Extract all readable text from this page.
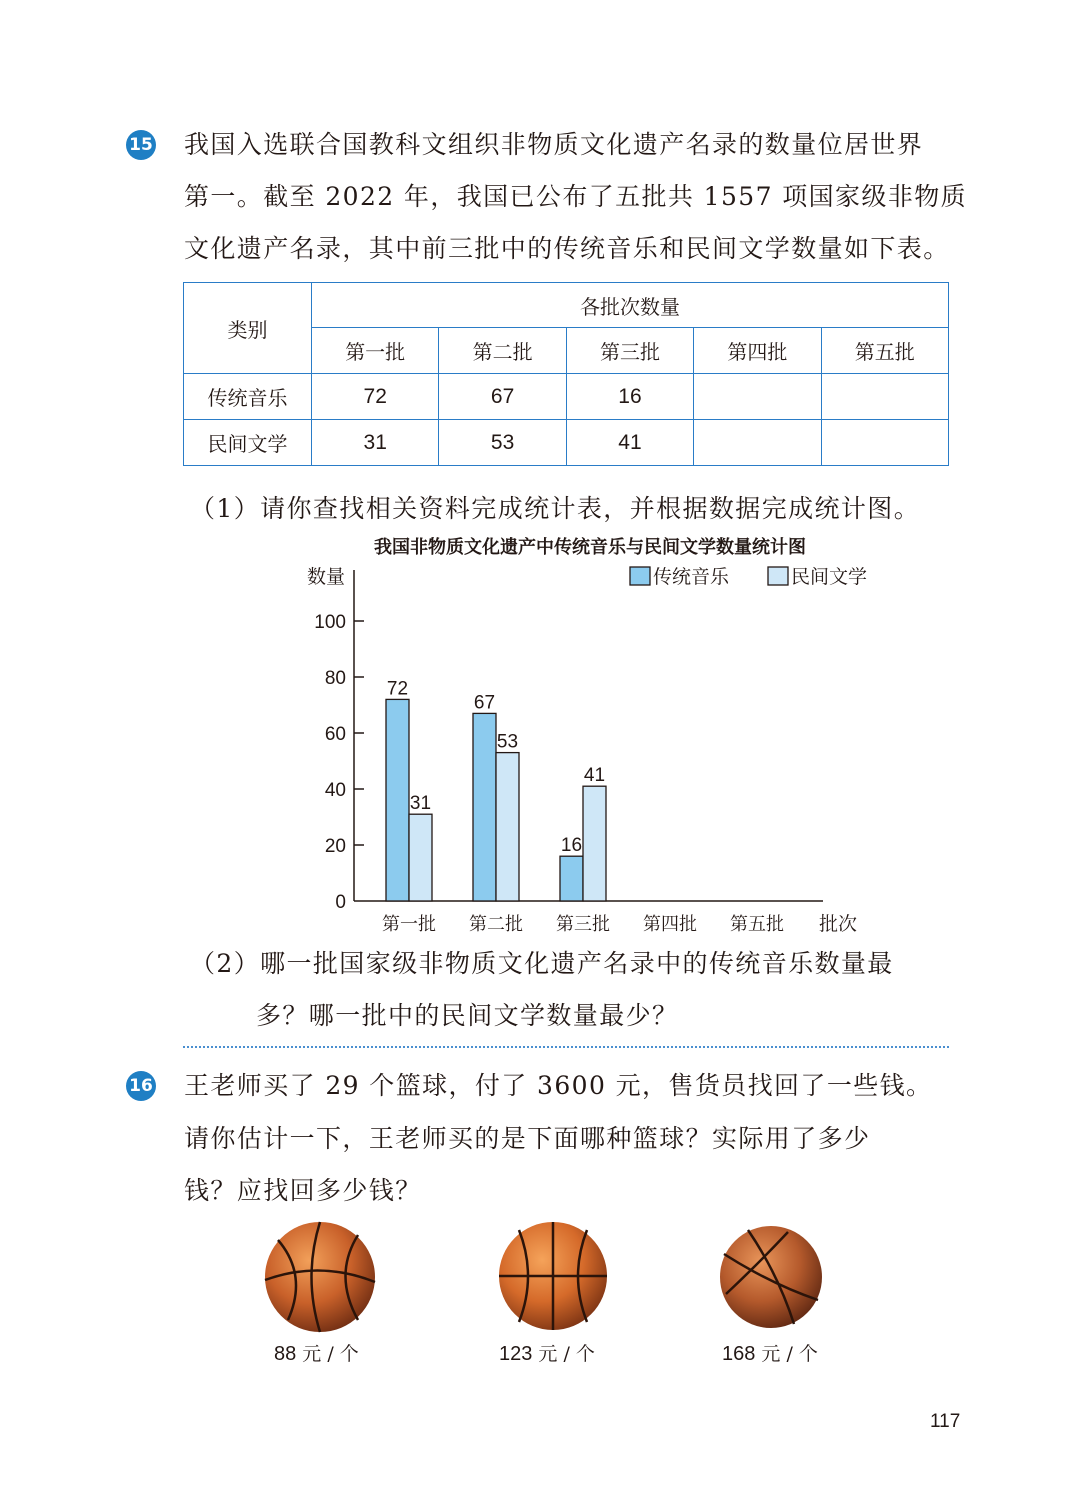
15 我国入选联合国教科文组织非物质文化遗产名录的数量位居世界
第一。截至 2022 年，我国已公布了五批共 1557 项国家级非物质
文化遗产名录，其中前三批中的传统音乐和民间文学数量如下表。
类别	各批次数量				
	第一批	第二批	第三批	第四批	第五批
传统音乐	72	67	16		
民间文学	31	53	41		
（1）请你查找相关资料完成统计表，并根据数据完成统计图。
我国非物质文化遗产中传统音乐与民间文学数量统计图
数量
批次
传统音乐	民间文学
0
20
40
60
80
100
第一批 第二批 第三批 第四批 第五批
72
31
67
53
16
41
（2）哪一批国家级非物质文化遗产名录中的传统音乐数量最
多？哪一批中的民间文学数量最少？
16 王老师买了 29 个篮球，付了 3600 元，售货员找回了一些钱。
请你估计一下，王老师买的是下面哪种篮球？实际用了多少
钱？应找回多少钱？
88 元 / 个	123 元 / 个	168 元 / 个
117
